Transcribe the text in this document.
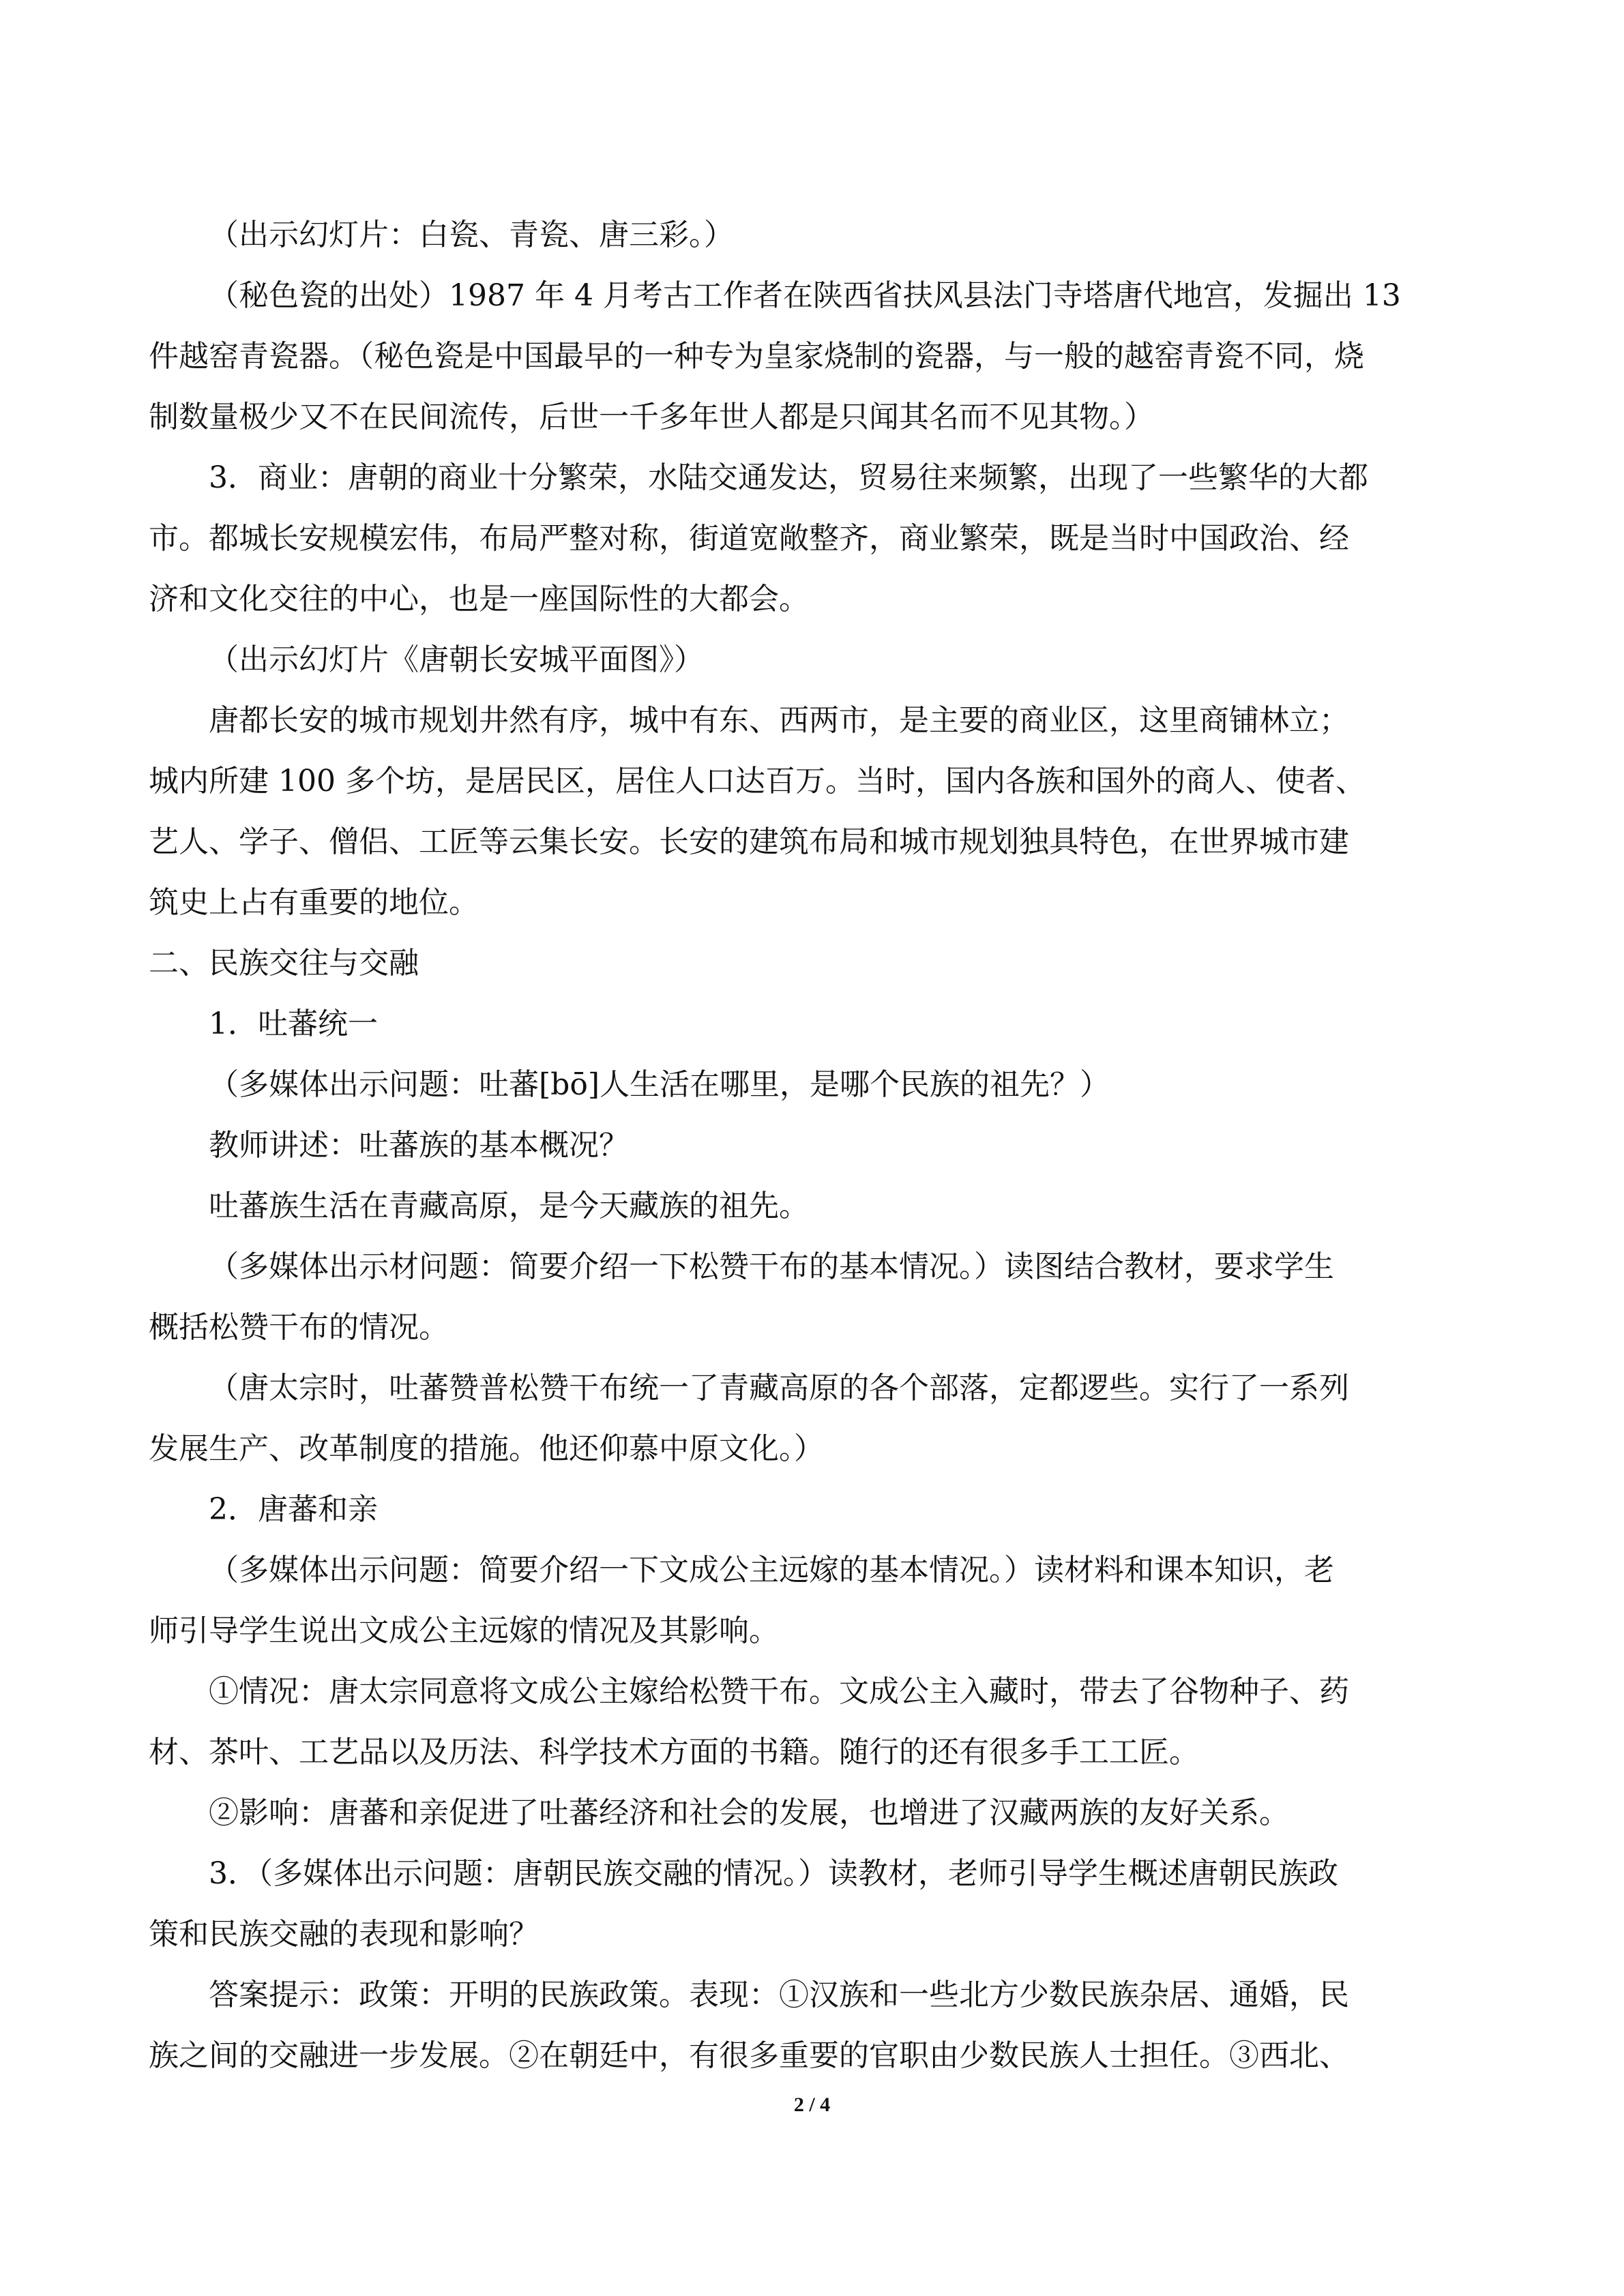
（出示幻灯片：白瓷、青瓷、唐三彩。）

（秘色瓷的出处）1987 年 4 月考古工作者在陕西省扶风县法门寺塔唐代地宫，发掘出 13

件越窑青瓷器。（秘色瓷是中国最早的一种专为皇家烧制的瓷器，与一般的越窑青瓷不同，烧

制数量极少又不在民间流传，后世一千多年世人都是只闻其名而不见其物。）

3．商业：唐朝的商业十分繁荣，水陆交通发达，贸易往来频繁，出现了一些繁华的大都

市。都城长安规模宏伟，布局严整对称，街道宽敞整齐，商业繁荣，既是当时中国政治、经

济和文化交往的中心，也是一座国际性的大都会。

（出示幻灯片《唐朝长安城平面图》）

唐都长安的城市规划井然有序，城中有东、西两市，是主要的商业区，这里商铺林立；

城内所建 100 多个坊，是居民区，居住人口达百万。当时，国内各族和国外的商人、使者、

艺人、学子、僧侣、工匠等云集长安。长安的建筑布局和城市规划独具特色，在世界城市建

筑史上占有重要的地位。

二、民族交往与交融

1．吐蕃统一

（多媒体出示问题：吐蕃[bō]人生活在哪里，是哪个民族的祖先？）

教师讲述：吐蕃族的基本概况？

吐蕃族生活在青藏高原，是今天藏族的祖先。

（多媒体出示材问题：简要介绍一下松赞干布的基本情况。）读图结合教材，要求学生

概括松赞干布的情况。

（唐太宗时，吐蕃赞普松赞干布统一了青藏高原的各个部落，定都逻些。实行了一系列

发展生产、改革制度的措施。他还仰慕中原文化。）

2．唐蕃和亲

（多媒体出示问题：简要介绍一下文成公主远嫁的基本情况。）读材料和课本知识，老

师引导学生说出文成公主远嫁的情况及其影响。

①情况：唐太宗同意将文成公主嫁给松赞干布。文成公主入藏时，带去了谷物种子、药

材、茶叶、工艺品以及历法、科学技术方面的书籍。随行的还有很多手工工匠。

②影响：唐蕃和亲促进了吐蕃经济和社会的发展，也增进了汉藏两族的友好关系。

3．（多媒体出示问题：唐朝民族交融的情况。）读教材，老师引导学生概述唐朝民族政

策和民族交融的表现和影响？

答案提示：政策：开明的民族政策。表现：①汉族和一些北方少数民族杂居、通婚，民

族之间的交融进一步发展。②在朝廷中，有很多重要的官职由少数民族人士担任。③西北、

2 / 4
